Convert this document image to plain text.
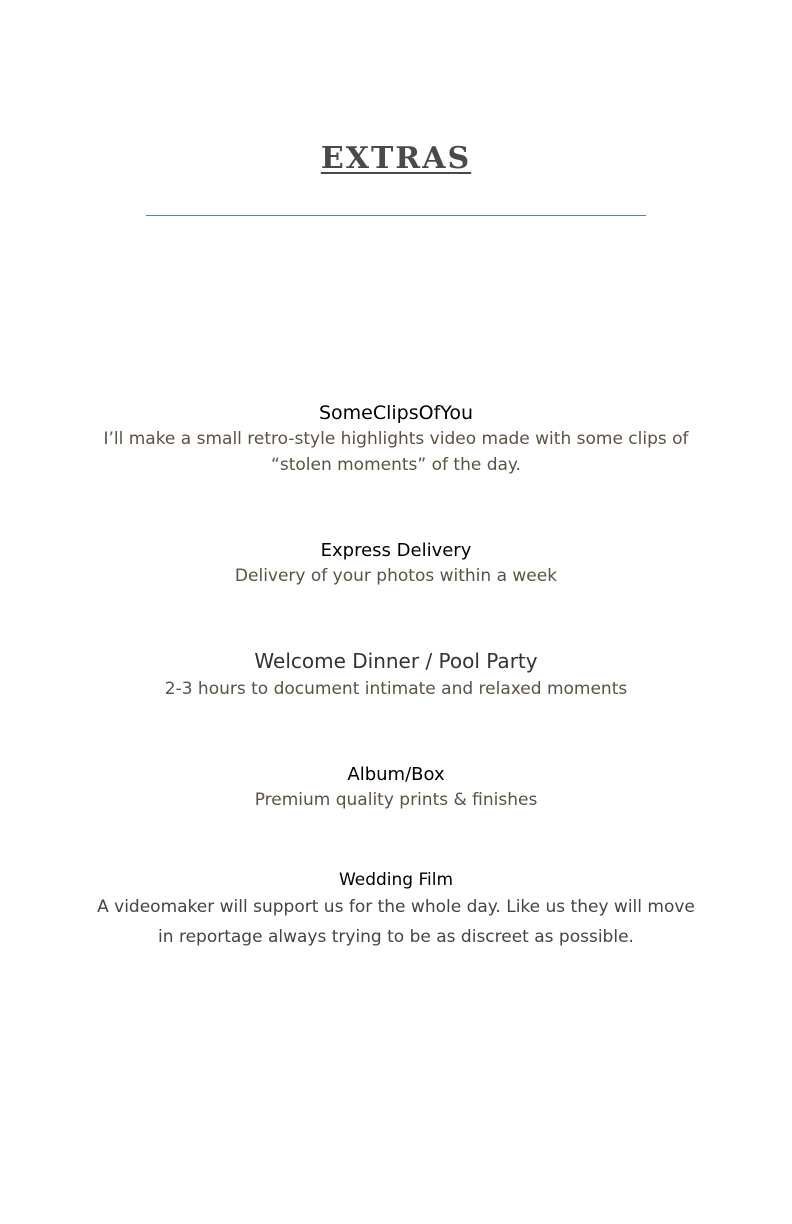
EXTRAS
SomeClipsOfYou

I’ll make a small retro-style highlights video made with some clips of “stolen moments” of the day.

Express Delivery

Delivery of your photos within a week

Welcome Dinner / Pool Party

2-3 hours to document intimate and relaxed moments

Album/Box

Premium quality prints & finishes

Wedding Film

A videomaker will support us for the whole day. Like us they will move in reportage always trying to be as discreet as possible.
